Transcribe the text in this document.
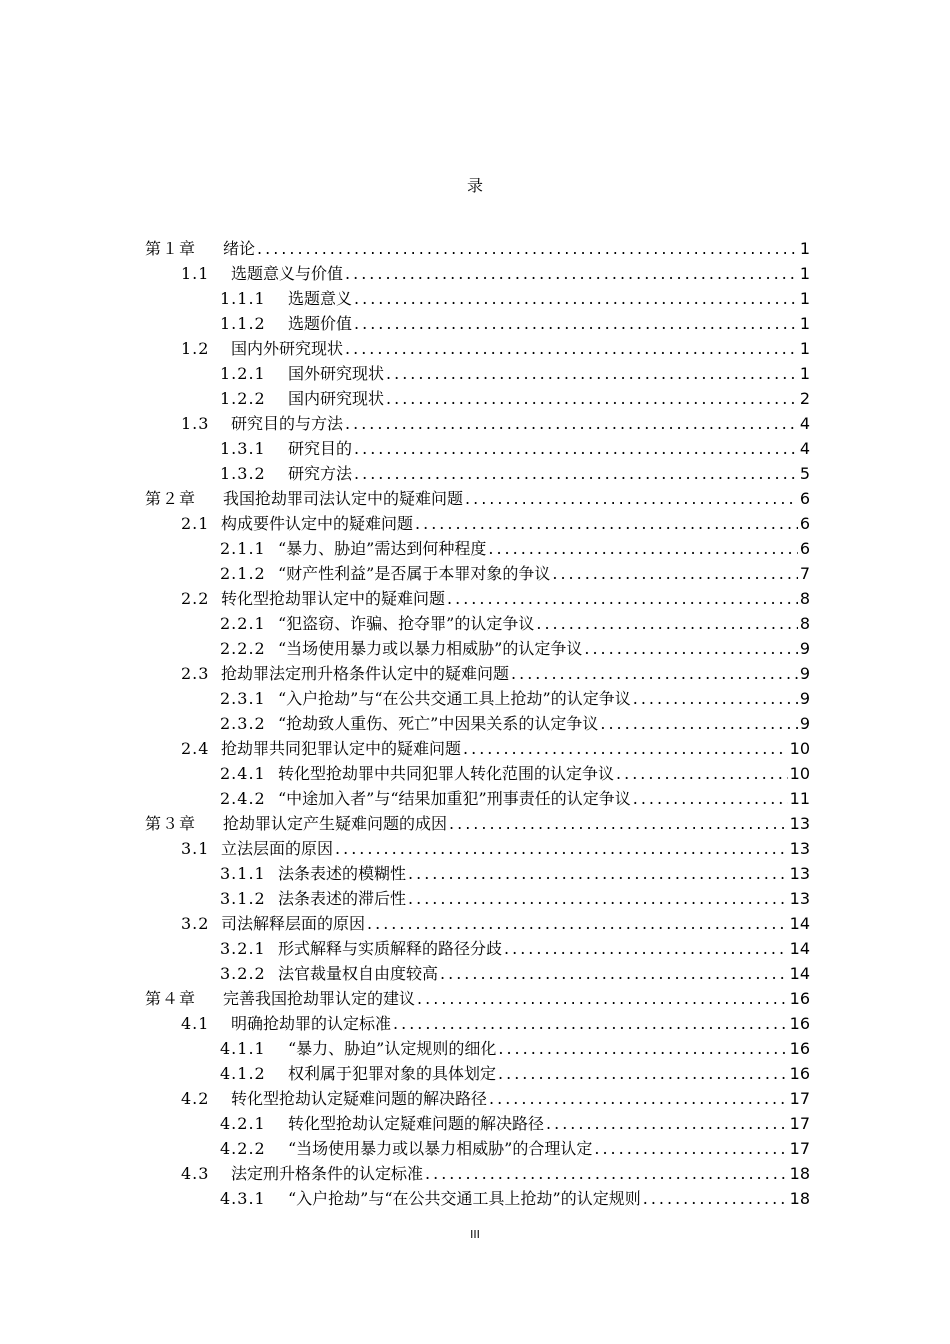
录
第１章	绪论 .....	1
1.1	选题意义与价值 .....	1
1.1.1	选题意义 .....	1
1.1.2	选题价值 .....	1
1.2	国内外研究现状 .....	1
1.2.1	国外研究现状 .....	1
1.2.2	国内研究现状 .....	2
1.3	研究目的与方法 .....	4
1.3.1	研究目的 .....	4
1.3.2	研究方法 .....	5
第２章	我国抢劫罪司法认定中的疑难问题 .....	6
2.1 构成要件认定中的疑难问题 .....	6
2.1.1 “暴力、胁迫”需达到何种程度 .....	6
2.1.2 “财产性利益”是否属于本罪对象的争议 .....	7
2.2 转化型抢劫罪认定中的疑难问题 .....	8
2.2.1 “犯盗窃、诈骗、抢夺罪”的认定争议 .....	8
2.2.2 “当场使用暴力或以暴力相威胁”的认定争议 .....	9
2.3 抢劫罪法定刑升格条件认定中的疑难问题 .....	9
2.3.1 “入户抢劫”与“在公共交通工具上抢劫”的认定争议 .....	9
2.3.2 “抢劫致人重伤、死亡”中因果关系的认定争议 .....	9
2.4 抢劫罪共同犯罪认定中的疑难问题 .....	10
2.4.1 转化型抢劫罪中共同犯罪人转化范围的认定争议 .....	10
2.4.2 “中途加入者”与“结果加重犯”刑事责任的认定争议 .....	11
第３章	抢劫罪认定产生疑难问题的成因 .....	13
3.1 立法层面的原因 .....	13
3.1.1 法条表述的模糊性 .....	13
3.1.2 法条表述的滞后性 .....	13
3.2 司法解释层面的原因 .....	14
3.2.1 形式解释与实质解释的路径分歧 .....	14
3.2.2 法官裁量权自由度较高 .....	14
第４章	完善我国抢劫罪认定的建议 .....	16
4.1	明确抢劫罪的认定标准 .....	16
4.1.1	“暴力、胁迫”认定规则的细化 .....	16
4.1.2	权利属于犯罪对象的具体划定 .....	16
4.2	转化型抢劫认定疑难问题的解决路径 .....	17
4.2.1	转化型抢劫认定疑难问题的解决路径 .....	17
4.2.2	“当场使用暴力或以暴力相威胁”的合理认定 .....	17
4.3	法定刑升格条件的认定标准 .....	18
4.3.1	“入户抢劫”与“在公共交通工具上抢劫”的认定规则 .....	18
III
